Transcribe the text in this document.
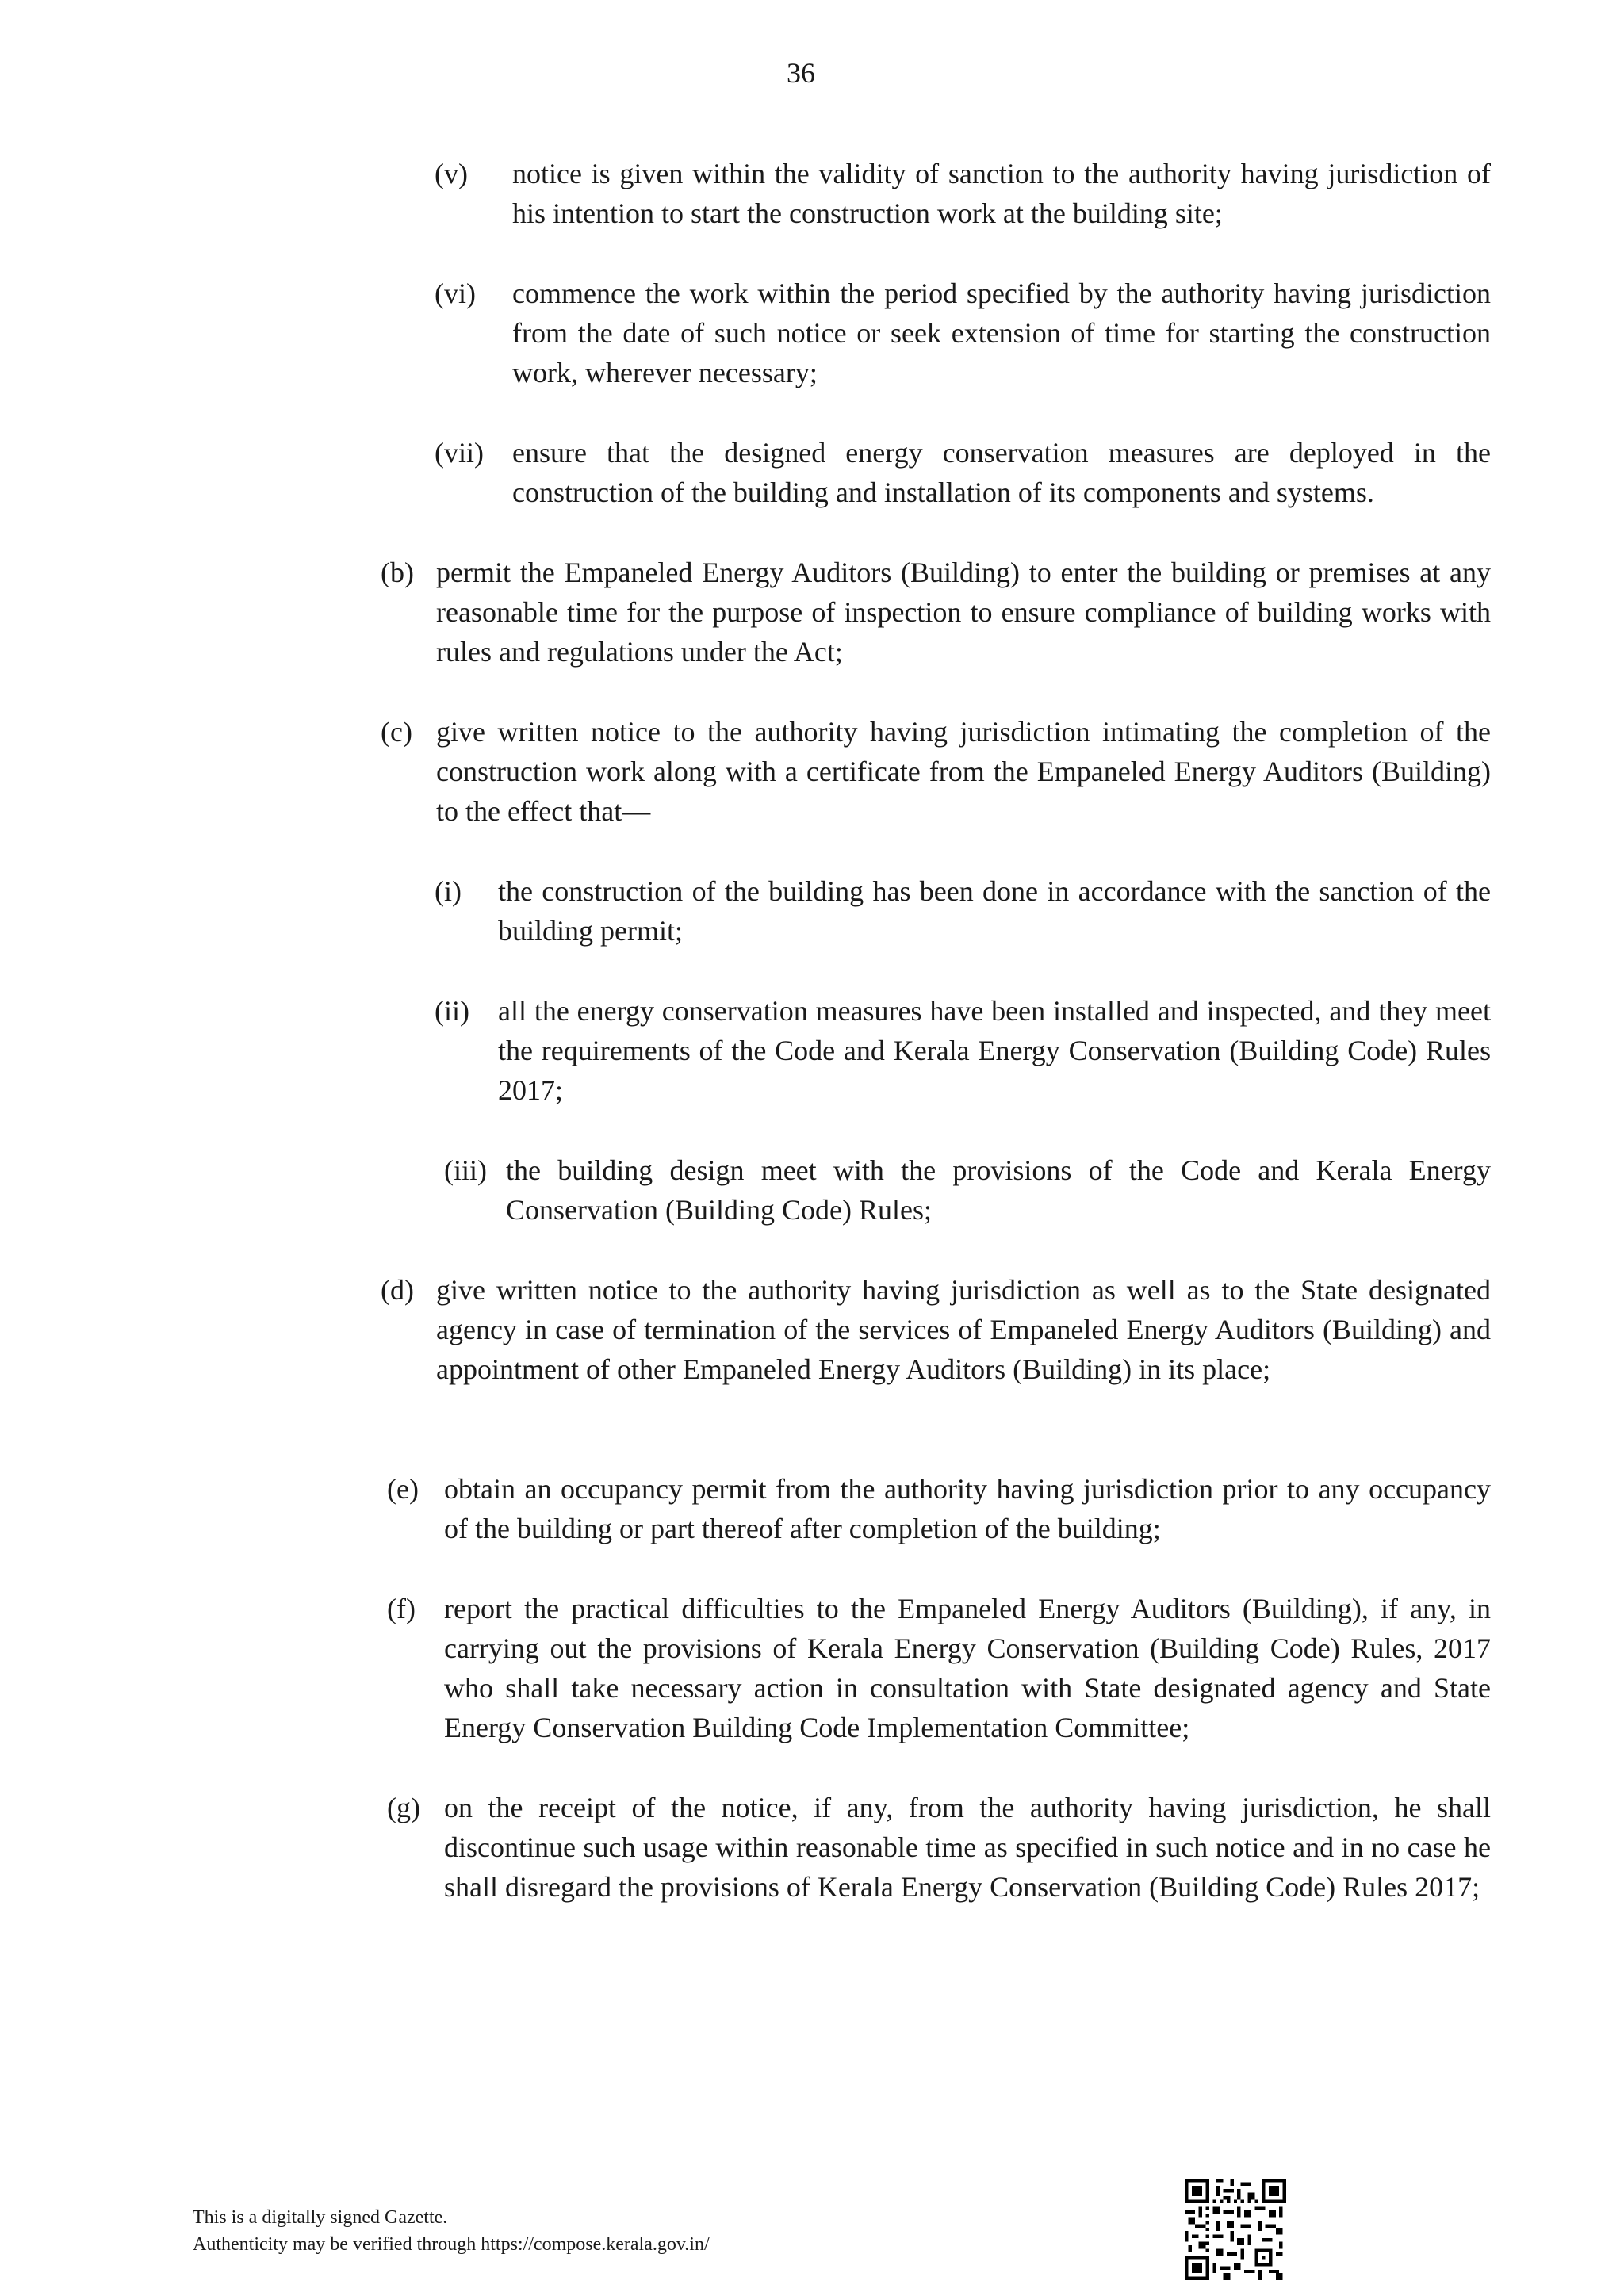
36
(v) notice is given within the validity of sanction to the authority having jurisdiction of his intention to start the construction work at the building site;
(vi) commence the work within the period specified by the authority having jurisdiction from the date of such notice or seek extension of time for starting the construction work, wherever necessary;
(vii) ensure that the designed energy conservation measures are deployed in the construction of the building and installation of its components and systems.
(b) permit the Empaneled Energy Auditors (Building) to enter the building or premises at any reasonable time for the purpose of inspection to ensure compliance of building works with rules and regulations under the Act;
(c) give written notice to the authority having jurisdiction intimating the completion of the construction work along with a certificate from the Empaneled Energy Auditors (Building) to the effect that—
(i) the construction of the building has been done in accordance with the sanction of the building permit;
(ii) all the energy conservation measures have been installed and inspected, and they meet the requirements of the Code and Kerala Energy Conservation (Building Code) Rules 2017;
(iii) the building design meet with the provisions of the Code and Kerala Energy Conservation (Building Code) Rules;
(d) give written notice to the authority having jurisdiction as well as to the State designated agency in case of termination of the services of Empaneled Energy Auditors (Building) and appointment of other Empaneled Energy Auditors (Building) in its place;
(e) obtain an occupancy permit from the authority having jurisdiction prior to any occupancy of the building or part thereof after completion of the building;
(f) report the practical difficulties to the Empaneled Energy Auditors (Building), if any, in carrying out the provisions of Kerala Energy Conservation (Building Code) Rules, 2017 who shall take necessary action in consultation with State designated agency and State Energy Conservation Building Code Implementation Committee;
(g) on the receipt of the notice, if any, from the authority having jurisdiction, he shall discontinue such usage within reasonable time as specified in such notice and in no case he shall disregard the provisions of Kerala Energy Conservation (Building Code) Rules 2017;
This is a digitally signed Gazette.
Authenticity may be verified through https://compose.kerala.gov.in/
